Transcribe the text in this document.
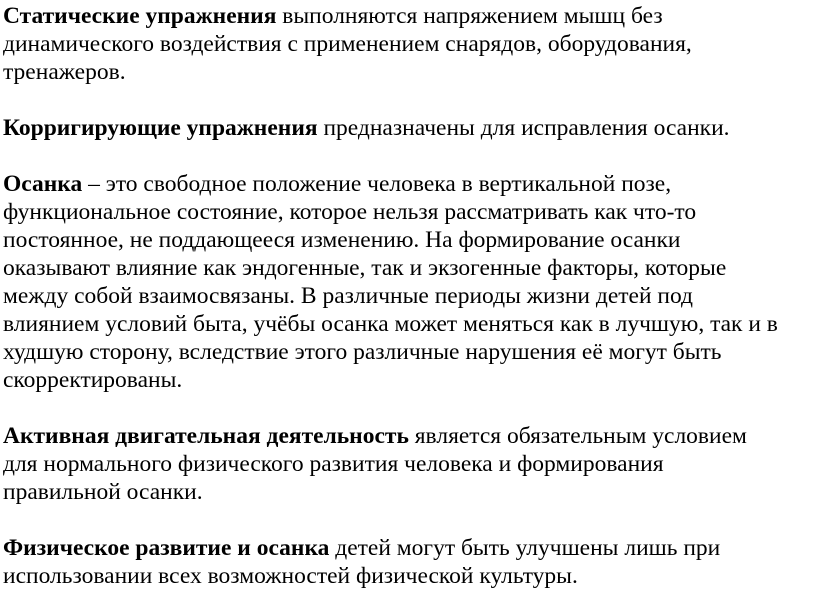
Статические упражнения выполняются напряжением мышц без
динамического воздействия с применением снарядов, оборудования,
тренажеров.

Корригирующие упражнения предназначены для исправления осанки.

Осанка – это свободное положение человека в вертикальной позе,
функциональное состояние, которое нельзя рассматривать как что-то
постоянное, не поддающееся изменению. На формирование осанки
оказывают влияние как эндогенные, так и экзогенные факторы, которые
между собой взаимосвязаны. В различные периоды жизни детей под
влиянием условий быта, учёбы осанка может меняться как в лучшую, так и в
худшую сторону, вследствие этого различные нарушения её могут быть
скорректированы.

Активная двигательная деятельность является обязательным условием
для нормального физического развития человека и формирования
правильной осанки.

Физическое развитие и осанка детей могут быть улучшены лишь при
использовании всех возможностей физической культуры.
